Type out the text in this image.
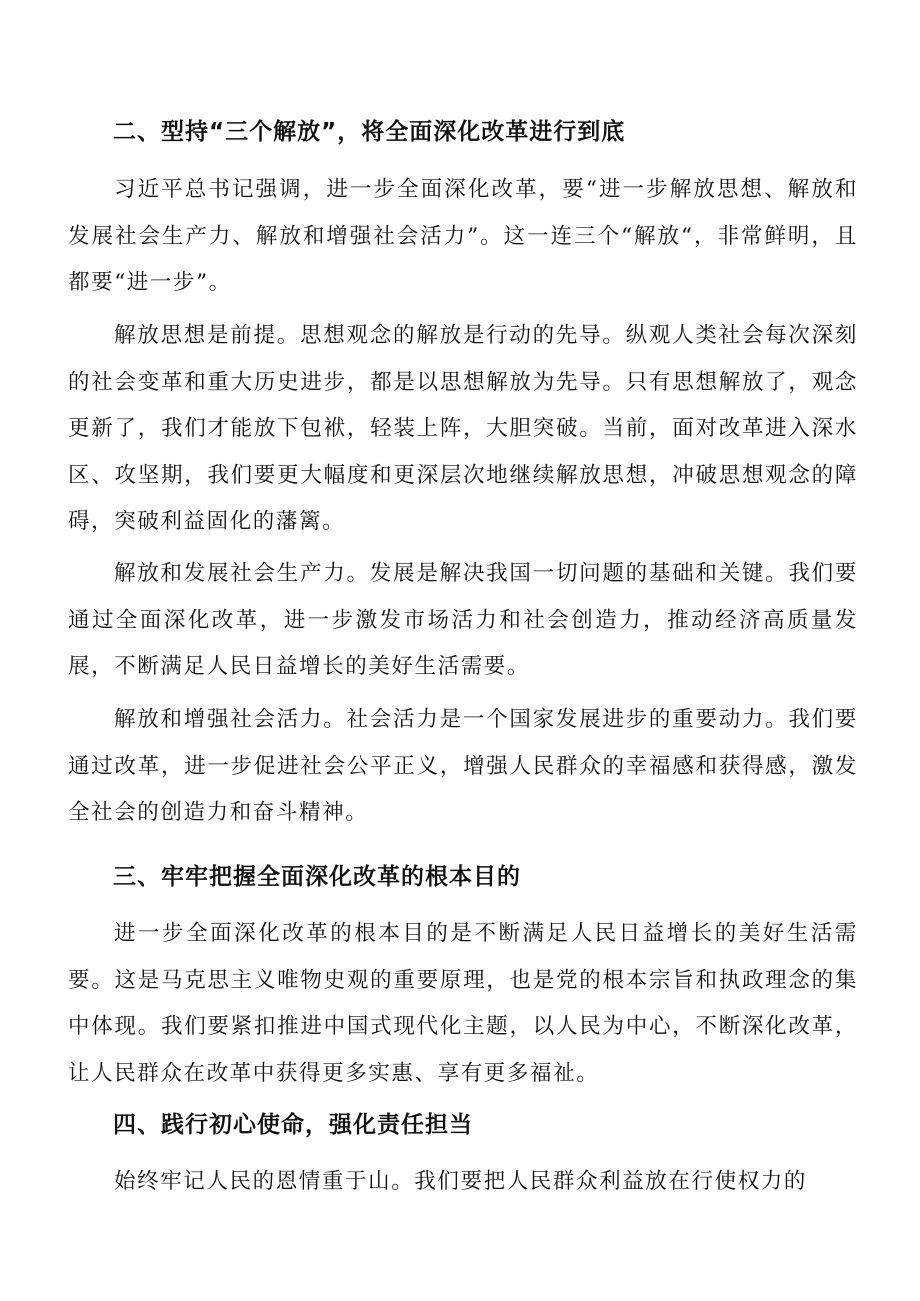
二、型持“三个解放”，将全面深化改革进行到底

习近平总书记强调，进一步全面深化改革，要“进一步解放思想、解放和发展社会生产力、解放和增强社会活力”。这一连三个“解放“，非常鲜明，且都要“进一步”。

解放思想是前提。思想观念的解放是行动的先导。纵观人类社会每次深刻的社会变革和重大历史进步，都是以思想解放为先导。只有思想解放了，观念更新了，我们才能放下包袱，轻装上阵，大胆突破。当前，面对改革进入深水区、攻坚期，我们要更大幅度和更深层次地继续解放思想，冲破思想观念的障碍，突破利益固化的藩篱。

解放和发展社会生产力。发展是解决我国一切问题的基础和关键。我们要通过全面深化改革，进一步激发市场活力和社会创造力，推动经济高质量发展，不断满足人民日益增长的美好生活需要。

解放和增强社会活力。社会活力是一个国家发展进步的重要动力。我们要通过改革，进一步促进社会公平正义，增强人民群众的幸福感和获得感，激发全社会的创造力和奋斗精神。

三、牢牢把握全面深化改革的根本目的

进一步全面深化改革的根本目的是不断满足人民日益增长的美好生活需要。这是马克思主义唯物史观的重要原理，也是党的根本宗旨和执政理念的集中体现。我们要紧扣推进中国式现代化主题，以人民为中心，不断深化改革，让人民群众在改革中获得更多实惠、享有更多福祉。

四、践行初心使命，强化责任担当

始终牢记人民的恩情重于山。我们要把人民群众利益放在行使权力的
